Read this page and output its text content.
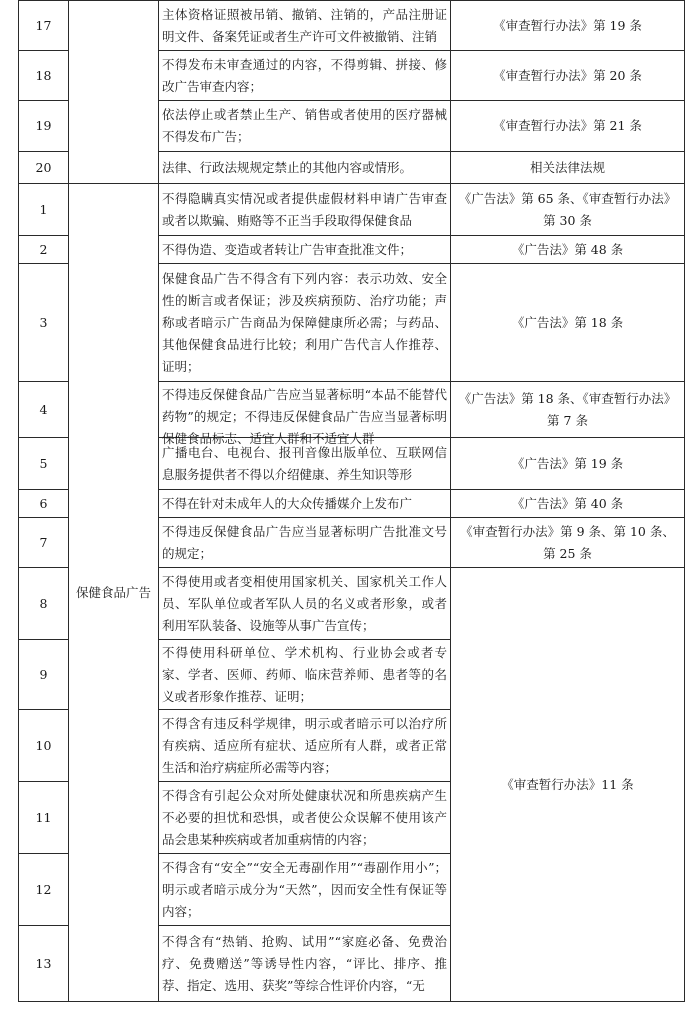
17		主体资格证照被吊销、撤销、注销的，产品注册证明文件、备案凭证或者生产许可文件被撤销、注销	《审查暂行办法》第 19 条
18		不得发布未审查通过的内容，不得剪辑、拼接、修改广告审查内容；	《审查暂行办法》第 20 条
19		依法停止或者禁止生产、销售或者使用的医疗器械不得发布广告；	《审查暂行办法》第 21 条
20		法律、行政法规规定禁止的其他内容或情形。	相关法律法规
1	保健食品广告	不得隐瞒真实情况或者提供虚假材料申请广告审查或者以欺骗、贿赂等不正当手段取得保健食品	《广告法》第 65 条、《审查暂行办法》第 30 条
2		不得伪造、变造或者转让广告审查批准文件；	《广告法》第 48 条
3		保健食品广告不得含有下列内容：表示功效、安全性的断言或者保证；涉及疾病预防、治疗功能；声称或者暗示广告商品为保障健康所必需；与药品、其他保健食品进行比较；利用广告代言人作推荐、证明；	《广告法》第 18 条
4		不得违反保健食品广告应当显著标明“本品不能替代药物”的规定；不得违反保健食品广告应当显著标明保健食品标志、适宜人群和不适宜人群	《广告法》第 18 条、《审查暂行办法》第 7 条
5		广播电台、电视台、报刊音像出版单位、互联网信息服务提供者不得以介绍健康、养生知识等形	《广告法》第 19 条
6		不得在针对未成年人的大众传播媒介上发布广	《广告法》第 40 条
7		不得违反保健食品广告应当显著标明广告批准文号的规定；	《审查暂行办法》第 9 条、第 10 条、第 25 条
8		不得使用或者变相使用国家机关、国家机关工作人员、军队单位或者军队人员的名义或者形象，或者利用军队装备、设施等从事广告宣传；	《审查暂行办法》11 条
9		不得使用科研单位、学术机构、行业协会或者专家、学者、医师、药师、临床营养师、患者等的名义或者形象作推荐、证明；	

10		不得含有违反科学规律，明示或者暗示可以治疗所有疾病、适应所有症状、适应所有人群，或者正常生活和治疗病症所必需等内容；	

11		不得含有引起公众对所处健康状况和所患疾病产生不必要的担忧和恐惧，或者使公众误解不使用该产品会患某种疾病或者加重病情的内容；	

12		不得含有“安全”“安全无毒副作用”“毒副作用小”；明示或者暗示成分为“天然”，因而安全性有保证等内容；	

13		不得含有“热销、抢购、试用”“家庭必备、免费治疗、免费赠送”等诱导性内容，“评比、排序、推荐、指定、选用、获奖”等综合性评价内容，“无	
